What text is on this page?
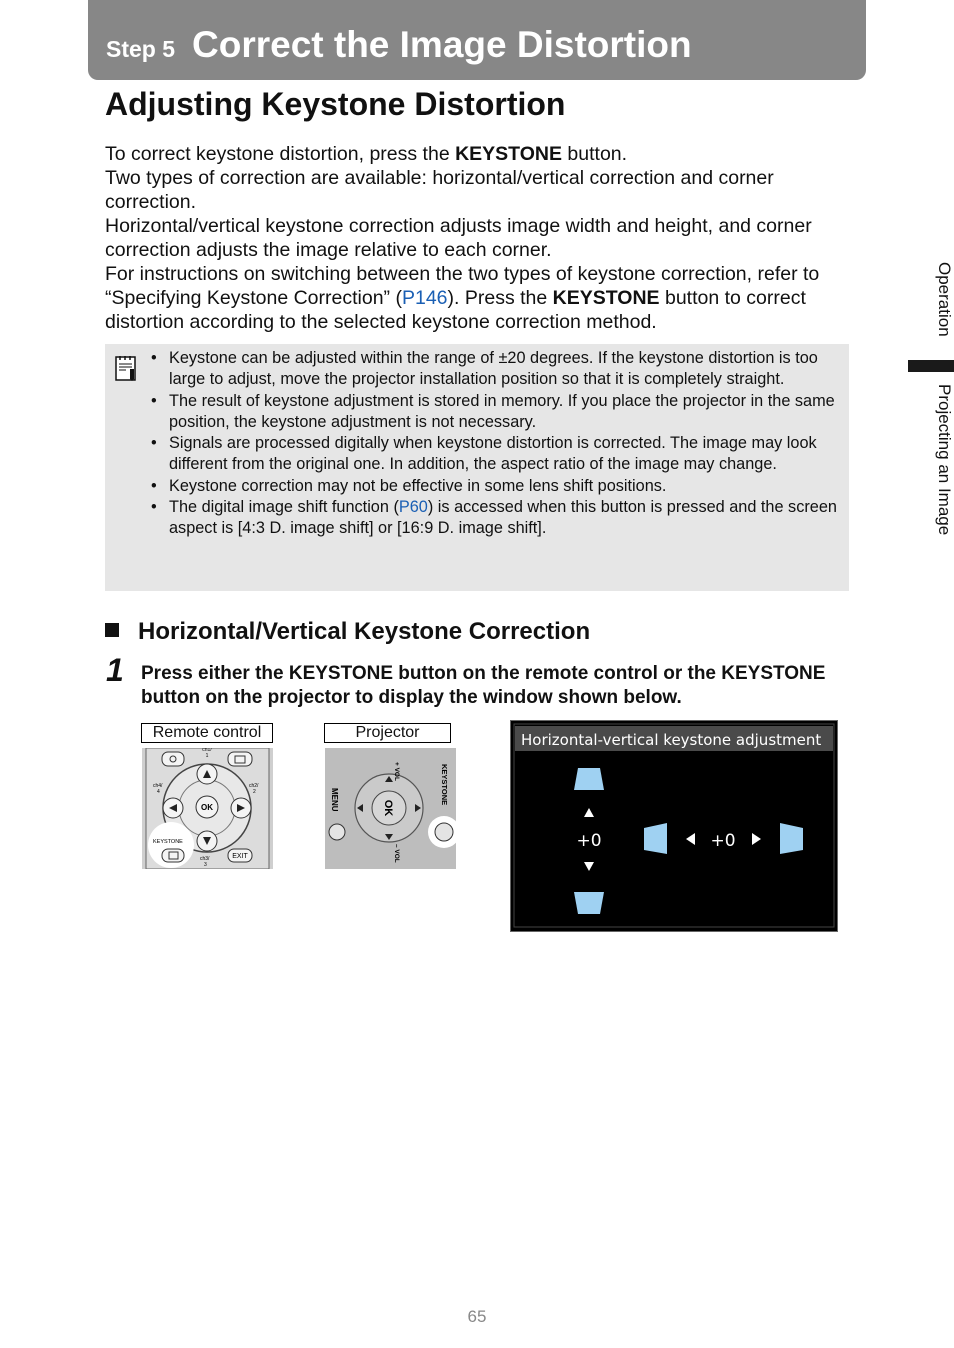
Step 5 Correct the Image Distortion
Adjusting Keystone Distortion

To correct keystone distortion, press the KEYSTONE button.

Two types of correction are available: horizontal/vertical correction and corner correction.

Horizontal/vertical keystone correction adjusts image width and height, and corner correction adjusts the image relative to each corner.

For instructions on switching between the two types of keystone correction, refer to “Specifying Keystone Correction” (P146). Press the KEYSTONE button to correct distortion according to the selected keystone correction method.

• Keystone can be adjusted within the range of ±20 degrees. If the keystone distortion is too large to adjust, move the projector installation position so that it is completely straight.
• The result of keystone adjustment is stored in memory. If you place the projector in the same position, the keystone adjustment is not necessary.
• Signals are processed digitally when keystone distortion is corrected. The image may look different from the original one. In addition, the aspect ratio of the image may change.
• Keystone correction may not be effective in some lens shift positions.
• The digital image shift function (P60) is accessed when this button is pressed and the screen aspect is [4:3 D. image shift] or [16:9 D. image shift].
Horizontal/Vertical Keystone Correction
1 Press either the KEYSTONE button on the remote control or the KEYSTONE button on the projector to display the window shown below.
Remote control	Projector
OK
ch1/
1
ch4/
4
ch2/
2
ch3/
3
KEYSTONE
EXIT
OK
+ VOL
– VOL
MENU	KEYSTONE
Horizontal-vertical keystone adjustment
+0	+0
Operation
Projecting an Image
65
